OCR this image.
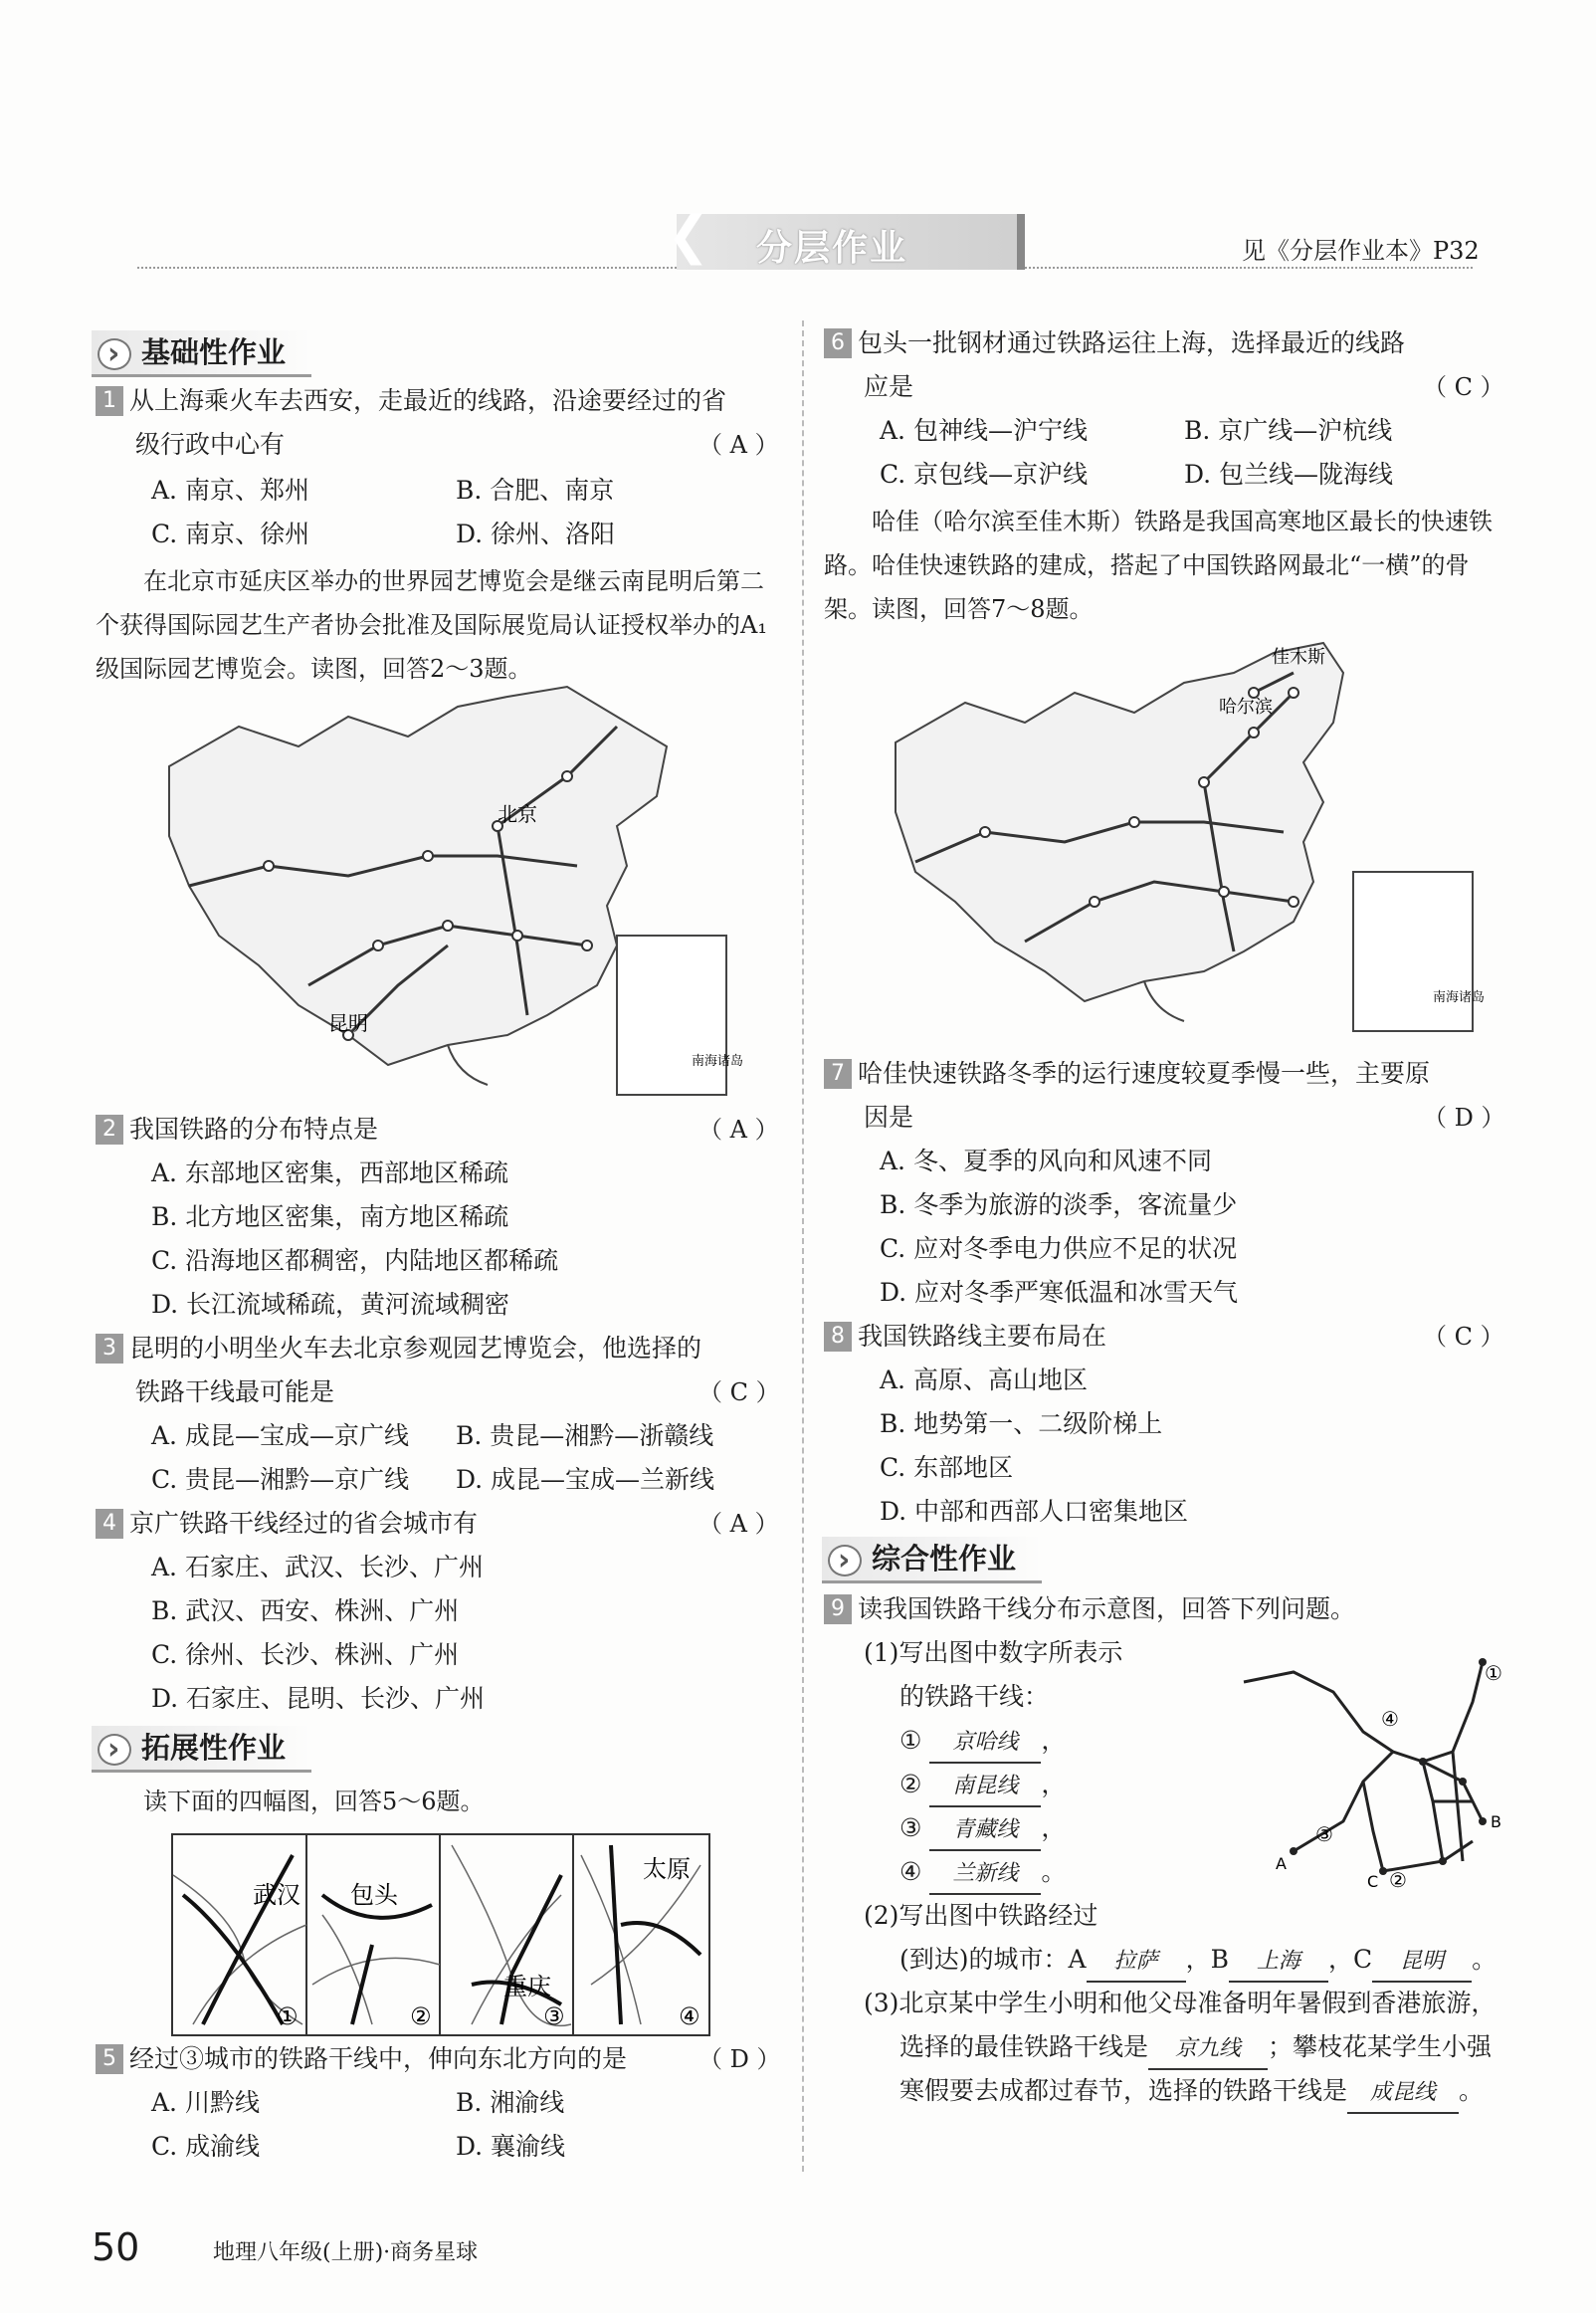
❮ 分层作业	见《分层作业本》P32
›
基础性作业
1 从上海乘火车去西安，走最近的线路，沿途要经过的省
级行政中心有	（ A ）
A. 南京、郑州	B. 合肥、南京
C. 南京、徐州	D. 徐州、洛阳
在北京市延庆区举办的世界园艺博览会是继云南昆明后第二个获得国际园艺生产者协会批准及国际展览局认证授权举办的A₁级国际园艺博览会。读图，回答2～3题。
北京
昆明
南海诸岛
2 我国铁路的分布特点是	（ A ）
A. 东部地区密集，西部地区稀疏
B. 北方地区密集，南方地区稀疏
C. 沿海地区都稠密，内陆地区都稀疏
D. 长江流域稀疏，黄河流域稠密
3 昆明的小明坐火车去北京参观园艺博览会，他选择的
铁路干线最可能是	（ C ）
A. 成昆—宝成—京广线 B. 贵昆—湘黔—浙赣线
C. 贵昆—湘黔—京广线 D. 成昆—宝成—兰新线
4 京广铁路干线经过的省会城市有	（ A ）
A. 石家庄、武汉、长沙、广州
B. 武汉、西安、株洲、广州
C. 徐州、长沙、株洲、广州
D. 石家庄、昆明、长沙、广州
›
拓展性作业
读下面的四幅图，回答5～6题。
武汉 包头
重庆
太原
①	②	③	④
5 经过③城市的铁路干线中，伸向东北方向的是	（ D ）
A. 川黔线	B. 湘渝线
C. 成渝线	D. 襄渝线
6 包头一批钢材通过铁路运往上海，选择最近的线路
应是	（ C ）
A. 包神线—沪宁线	B. 京广线—沪杭线
C. 京包线—京沪线	D. 包兰线—陇海线
哈佳（哈尔滨至佳木斯）铁路是我国高寒地区最长的快速铁路。哈佳快速铁路的建成，搭起了中国铁路网最北“一横”的骨架。读图，回答7～8题。
佳木斯
哈尔滨
南海诸岛
7 哈佳快速铁路冬季的运行速度较夏季慢一些，主要原
因是	（ D ）
A. 冬、夏季的风向和风速不同
B. 冬季为旅游的淡季，客流量少
C. 应对冬季电力供应不足的状况
D. 应对冬季严寒低温和冰雪天气
8 我国铁路线主要布局在	（ C ）
A. 高原、高山地区
B. 地势第一、二级阶梯上
C. 东部地区
D. 中部和西部人口密集地区
›
综合性作业
9 读我国铁路干线分布示意图，回答下列问题。
(1)写出图中数字所表示
的铁路干线：
① 京哈线 ，
② 南昆线 ，
③ 青藏线 ，
④ 兰新线 。
①
②
③
④
A
B
C
(2)写出图中铁路经过
(到达)的城市：A 拉萨 ，B 上海 ，C 昆明 。
(3)北京某中学生小明和他父母准备明年暑假到香港旅游，
选择的最佳铁路干线是 京九线 ；攀枝花某学生小强
寒假要去成都过春节，选择的铁路干线是 成昆线 。
50	地理八年级(上册)·商务星球
